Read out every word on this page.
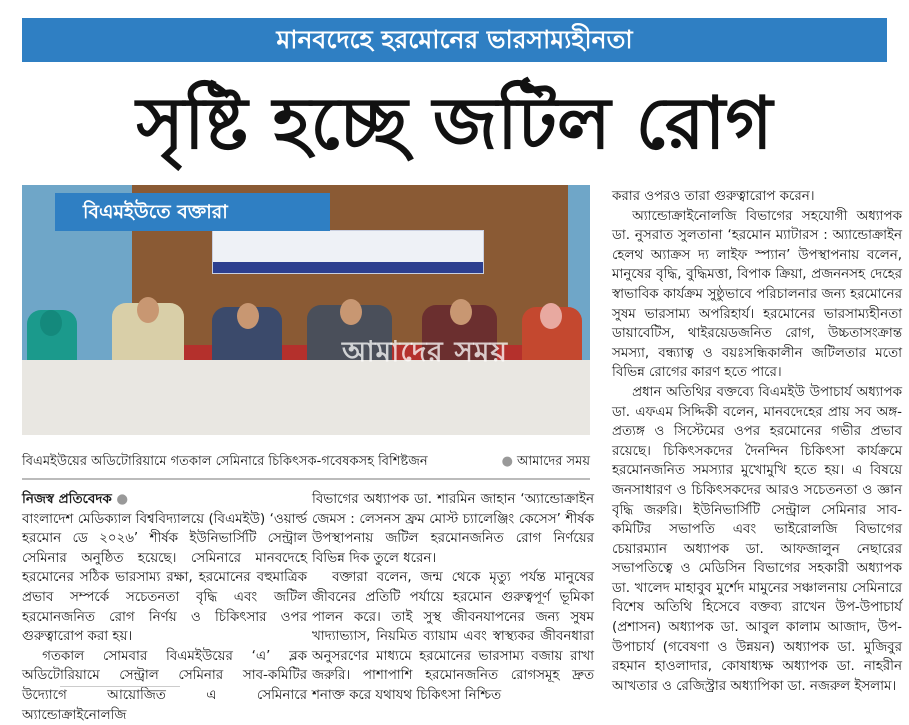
মানবদেহে হরমোনের ভারসাম্যহীনতা
সৃষ্টি হচ্ছে জটিল রোগ
আমাদের সময়
বিএমইউতে বক্তারা
বিএমইউয়ের অডিটোরিয়ামে গতকাল সেমিনারে চিকিৎসক-গবেষকসহ বিশিষ্টজন	● আমাদের সময়
নিজস্ব প্রতিবেদক ●

বাংলাদেশ মেডিক্যাল বিশ্ববিদ্যালয়ে (বিএমইউ) ‘ওয়ার্ল্ড হরমোন ডে ২০২৬’ শীর্ষক ইউনিভার্সিটি সেন্ট্রাল সেমিনার অনুষ্ঠিত হয়েছে। সেমিনারে মানবদেহে হরমোনের সঠিক ভারসাম্য রক্ষা, হরমোনের বহুমাত্রিক প্রভাব সম্পর্কে সচেতনতা বৃদ্ধি এবং জটিল হরমোনজনিত রোগ নির্ণয় ও চিকিৎসার ওপর গুরুত্বারোপ করা হয়।

গতকাল সোমবার বিএমইউয়ের ‘এ’ ব্লক অডিটোরিয়ামে সেন্ট্রাল সেমিনার সাব-কমিটির উদ্যোগে আয়োজিত এ সেমিনারে অ্যান্ডোক্রাইনোলজি

বিভাগের অধ্যাপক ডা. শারমিন জাহান ‘অ্যান্ডোক্রাইন জেমস : লেসনস ফ্রম মোস্ট চ্যালেঞ্জিং কেসেস’ শীর্ষক উপস্থাপনায় জটিল হরমোনজনিত রোগ নির্ণয়ের বিভিন্ন দিক তুলে ধরেন।

বক্তারা বলেন, জন্ম থেকে মৃত্যু পর্যন্ত মানুষের জীবনের প্রতিটি পর্যায়ে হরমোন গুরুত্বপূর্ণ ভূমিকা পালন করে। তাই সুস্থ জীবনযাপনের জন্য সুষম খাদ্যাভ্যাস, নিয়মিত ব্যায়াম এবং স্বাস্থ্যকর জীবনধারা অনুসরণের মাধ্যমে হরমোনের ভারসাম্য বজায় রাখা জরুরি। পাশাপাশি হরমোনজনিত রোগসমূহ দ্রুত শনাক্ত করে যথাযথ চিকিৎসা নিশ্চিত

করার ওপরও তারা গুরুত্বারোপ করেন।

অ্যান্ডোক্রাইনোলজি বিভাগের সহযোগী অধ্যাপক ডা. নুসরাত সুলতানা ‘হরমোন ম্যাটারস : অ্যান্ডোক্রাইন হেলথ অ্যাক্রস দ্য লাইফ স্প্যান’ উপস্থাপনায় বলেন, মানুষের বৃদ্ধি, বুদ্ধিমত্তা, বিপাক ক্রিয়া, প্রজননসহ দেহের স্বাভাবিক কার্যক্রম সুষ্ঠুভাবে পরিচালনার জন্য হরমোনের সুষম ভারসাম্য অপরিহার্য। হরমোনের ভারসাম্যহীনতা ডায়াবেটিস, থাইরয়েডজনিত রোগ, উচ্চতাসংক্রান্ত সমস্যা, বন্ধ্যাত্ব ও বয়ঃসন্ধিকালীন জটিলতার মতো বিভিন্ন রোগের কারণ হতে পারে।

প্রধান অতিথির বক্তব্যে বিএমইউ উপাচার্য অধ্যাপক ডা. এফএম সিদ্দিকী বলেন, মানবদেহের প্রায় সব অঙ্গ-প্রত্যঙ্গ ও সিস্টেমের ওপর হরমোনের গভীর প্রভাব রয়েছে। চিকিৎসকদের দৈনন্দিন চিকিৎসা কার্যক্রমে হরমোনজনিত সমস্যার মুখোমুখি হতে হয়। এ বিষয়ে জনসাধারণ ও চিকিৎসকদের আরও সচেতনতা ও জ্ঞান বৃদ্ধি জরুরি। ইউনিভার্সিটি সেন্ট্রাল সেমিনার সাব-কমিটির সভাপতি এবং ভাইরোলজি বিভাগের চেয়ারম্যান অধ্যাপক ডা. আফজালুন নেছারের সভাপতিত্বে ও মেডিসিন বিভাগের সহকারী অধ্যাপক ডা. খালেদ মাহাবুব মুর্শেদ মামুনের সঞ্চালনায় সেমিনারে বিশেষ অতিথি হিসেবে বক্তব্য রাখেন উপ-উপাচার্য (প্রশাসন) অধ্যাপক ডা. আবুল কালাম আজাদ, উপ-উপাচার্য (গবেষণা ও উন্নয়ন) অধ্যাপক ডা. মুজিবুর রহমান হাওলাদার, কোষাধ্যক্ষ অধ্যাপক ডা. নাহরীন আখতার ও রেজিস্ট্রার অধ্যাপিকা ডা. নজরুল ইসলাম।
